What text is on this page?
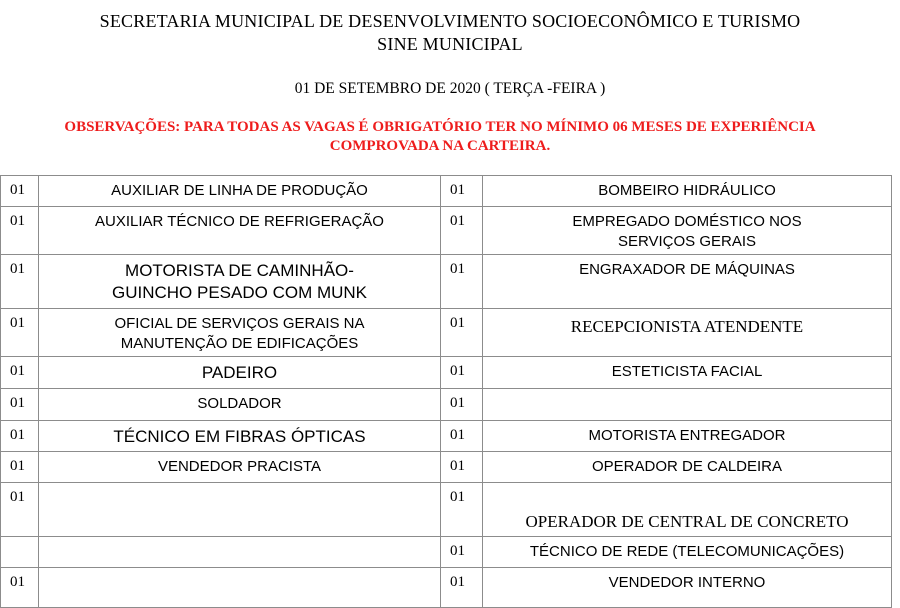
SECRETARIA MUNICIPAL DE DESENVOLVIMENTO SOCIOECONÔMICO E TURISMO
SINE MUNICIPAL
01 DE SETEMBRO DE 2020 ( TERÇA -FEIRA )
OBSERVAÇÕES: PARA TODAS AS VAGAS É OBRIGATÓRIO TER NO MÍNIMO 06 MESES DE EXPERIÊNCIA
COMPROVADA NA CARTEIRA.
01	AUXILIAR DE LINHA DE PRODUÇÃO	01	BOMBEIRO HIDRÁULICO
01	AUXILIAR TÉCNICO DE REFRIGERAÇÃO	01	EMPREGADO DOMÉSTICO NOS SERVIÇOS GERAIS
01	MOTORISTA DE CAMINHÃO-GUINCHO PESADO COM MUNK	01	ENGRAXADOR DE MÁQUINAS
01	OFICIAL DE SERVIÇOS GERAIS NA MANUTENÇÃO DE EDIFICAÇÕES	01	RECEPCIONISTA ATENDENTE
01	PADEIRO	01	ESTETICISTA FACIAL
01	SOLDADOR	01	
01	TÉCNICO EM FIBRAS ÓPTICAS	01	MOTORISTA ENTREGADOR
01	VENDEDOR PRACISTA	01	OPERADOR DE CALDEIRA
01		01	OPERADOR DE CENTRAL DE CONCRETO
		01	TÉCNICO DE REDE (TELECOMUNICAÇÕES)
01		01	VENDEDOR INTERNO
